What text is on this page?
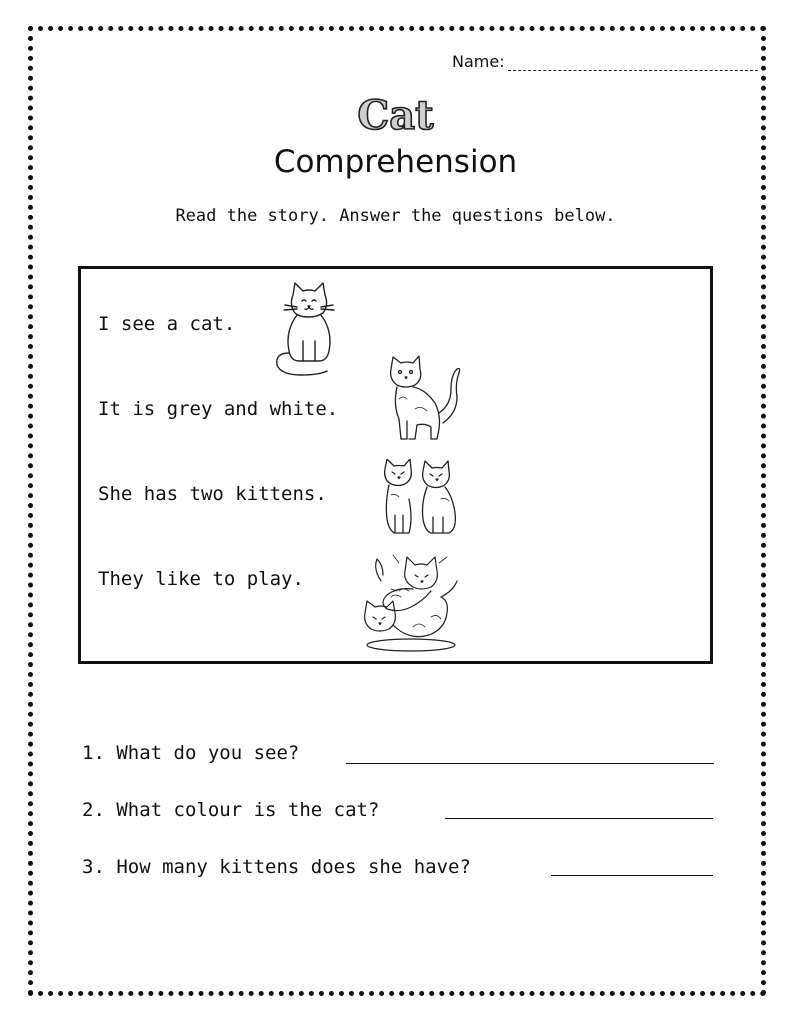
Name:
Cat
Comprehension
Read the story. Answer the questions below.
I see a cat.
It is grey and white.
She has two kittens.
They like to play.
1. What do you see?
2. What colour is the cat?
3. How many kittens does she have?
